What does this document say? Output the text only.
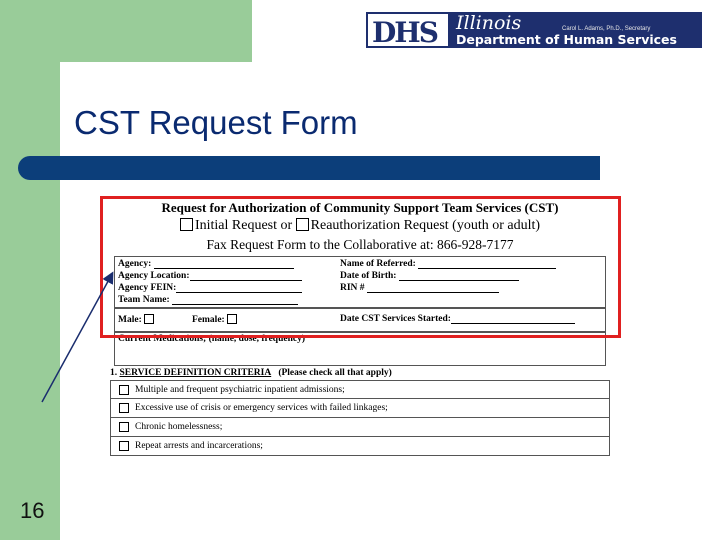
DHS Illinois
Department of Human Services
Carol L. Adams, Ph.D., Secretary
CST Request Form
Request for Authorization of Community Support Team Services (CST)
Initial Request or Reauthorization Request (youth or adult)
Fax Request Form to the Collaborative at: 866-928-7177
Agency:
Agency Location:
Agency FEIN:
Team Name:
Name of Referred:
Date of Birth:
RIN #
Male:	Female:	Date CST Services Started:
Current Medications; (name, dose, frequency)
1. SERVICE DEFINITION CRITERIA (Please check all that apply)
Multiple and frequent psychiatric inpatient admissions;
Excessive use of crisis or emergency services with failed linkages;
Chronic homelessness;
Repeat arrests and incarcerations;
16
